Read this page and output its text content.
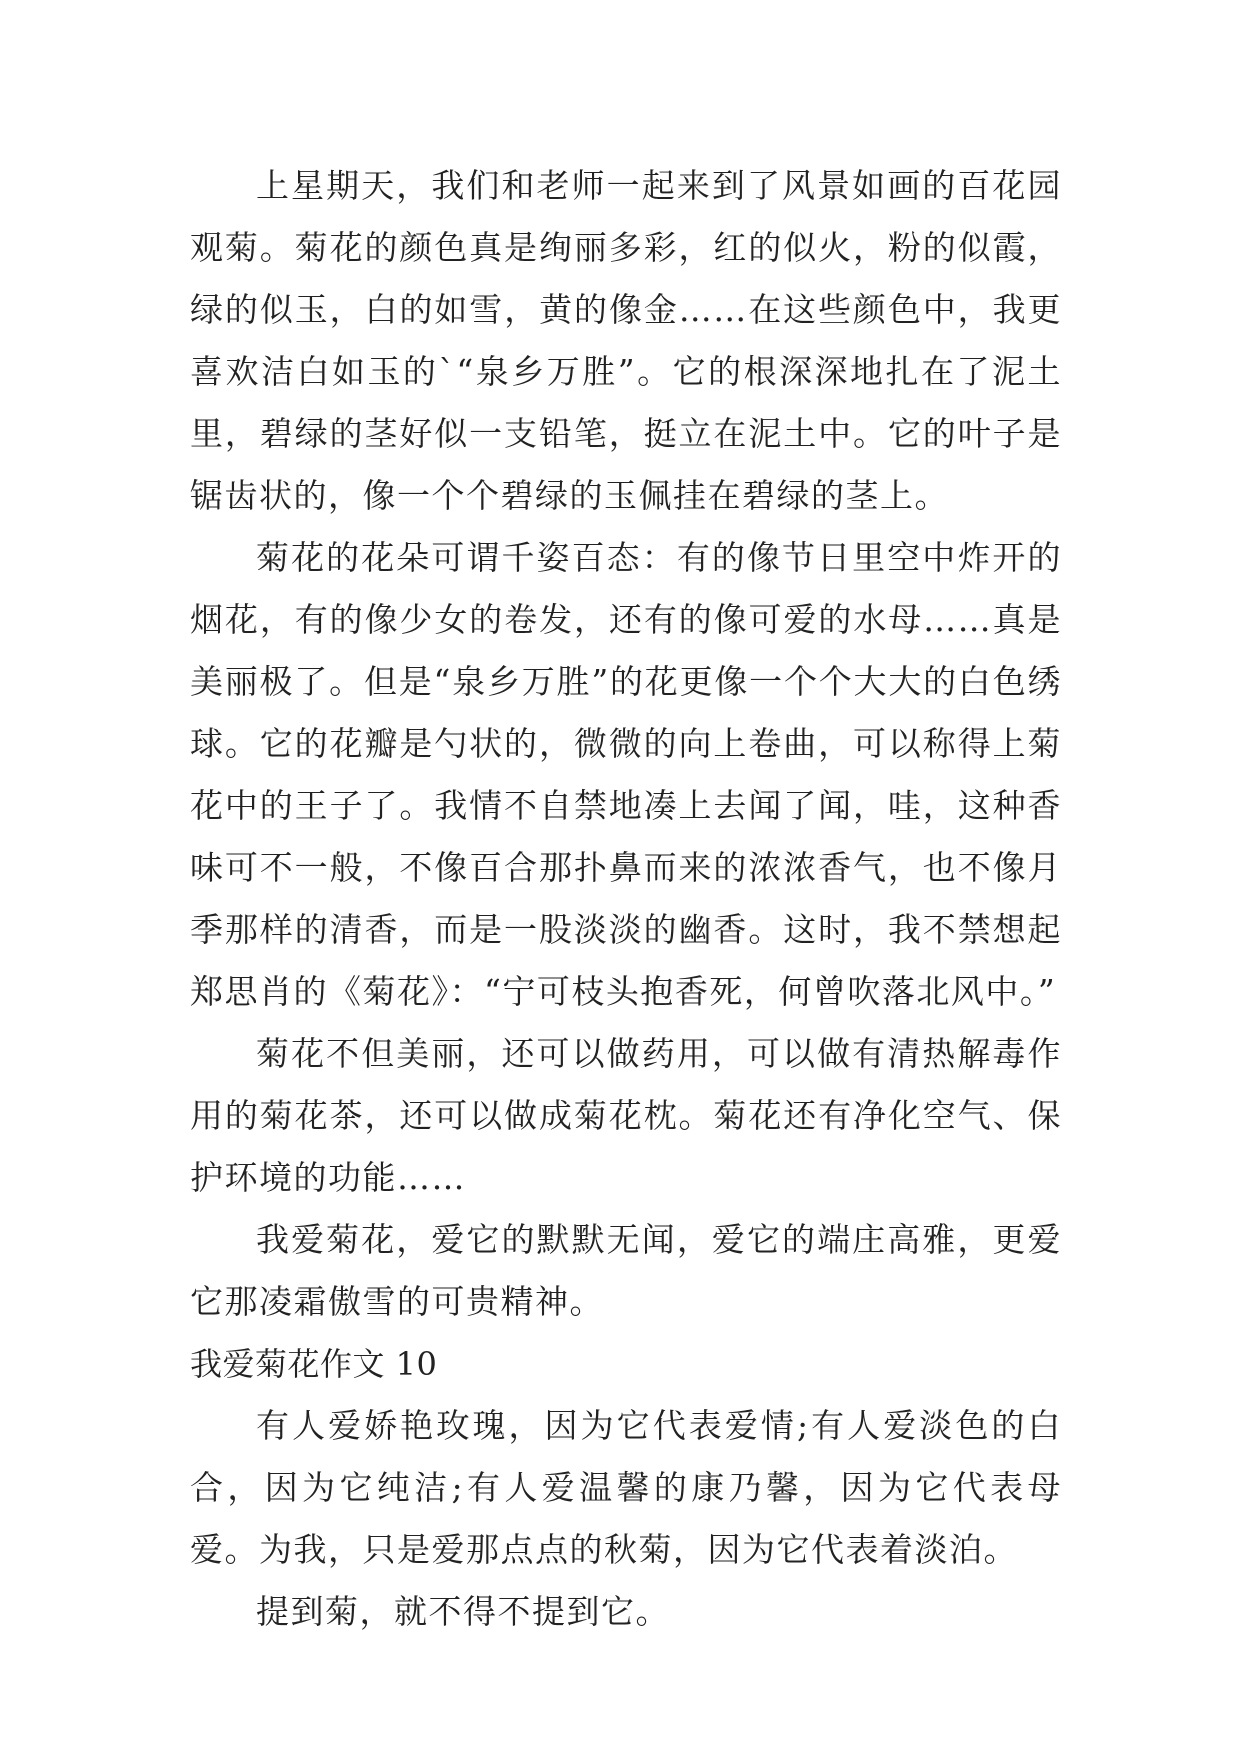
上星期天，我们和老师一起来到了风景如画的百花园观菊。菊花的颜色真是绚丽多彩，红的似火，粉的似霞，绿的似玉，白的如雪，黄的像金……在这些颜色中，我更喜欢洁白如玉的`“泉乡万胜”。它的根深深地扎在了泥土里，碧绿的茎好似一支铅笔，挺立在泥土中。它的叶子是锯齿状的，像一个个碧绿的玉佩挂在碧绿的茎上。

菊花的花朵可谓千姿百态：有的像节日里空中炸开的烟花，有的像少女的卷发，还有的像可爱的水母……真是美丽极了。但是“泉乡万胜”的花更像一个个大大的白色绣球。它的花瓣是勺状的，微微的向上卷曲，可以称得上菊花中的王子了。我情不自禁地凑上去闻了闻，哇，这种香味可不一般，不像百合那扑鼻而来的浓浓香气，也不像月季那样的清香，而是一股淡淡的幽香。这时，我不禁想起郑思肖的《菊花》：“宁可枝头抱香死，何曾吹落北风中。”

菊花不但美丽，还可以做药用，可以做有清热解毒作用的菊花茶，还可以做成菊花枕。菊花还有净化空气、保护环境的功能……

我爱菊花，爱它的默默无闻，爱它的端庄高雅，更爱它那凌霜傲雪的可贵精神。

我爱菊花作文 10

有人爱娇艳玫瑰，因为它代表爱情;有人爱淡色的白合，因为它纯洁;有人爱温馨的康乃馨，因为它代表母爱。为我，只是爱那点点的秋菊，因为它代表着淡泊。

提到菊，就不得不提到它。
